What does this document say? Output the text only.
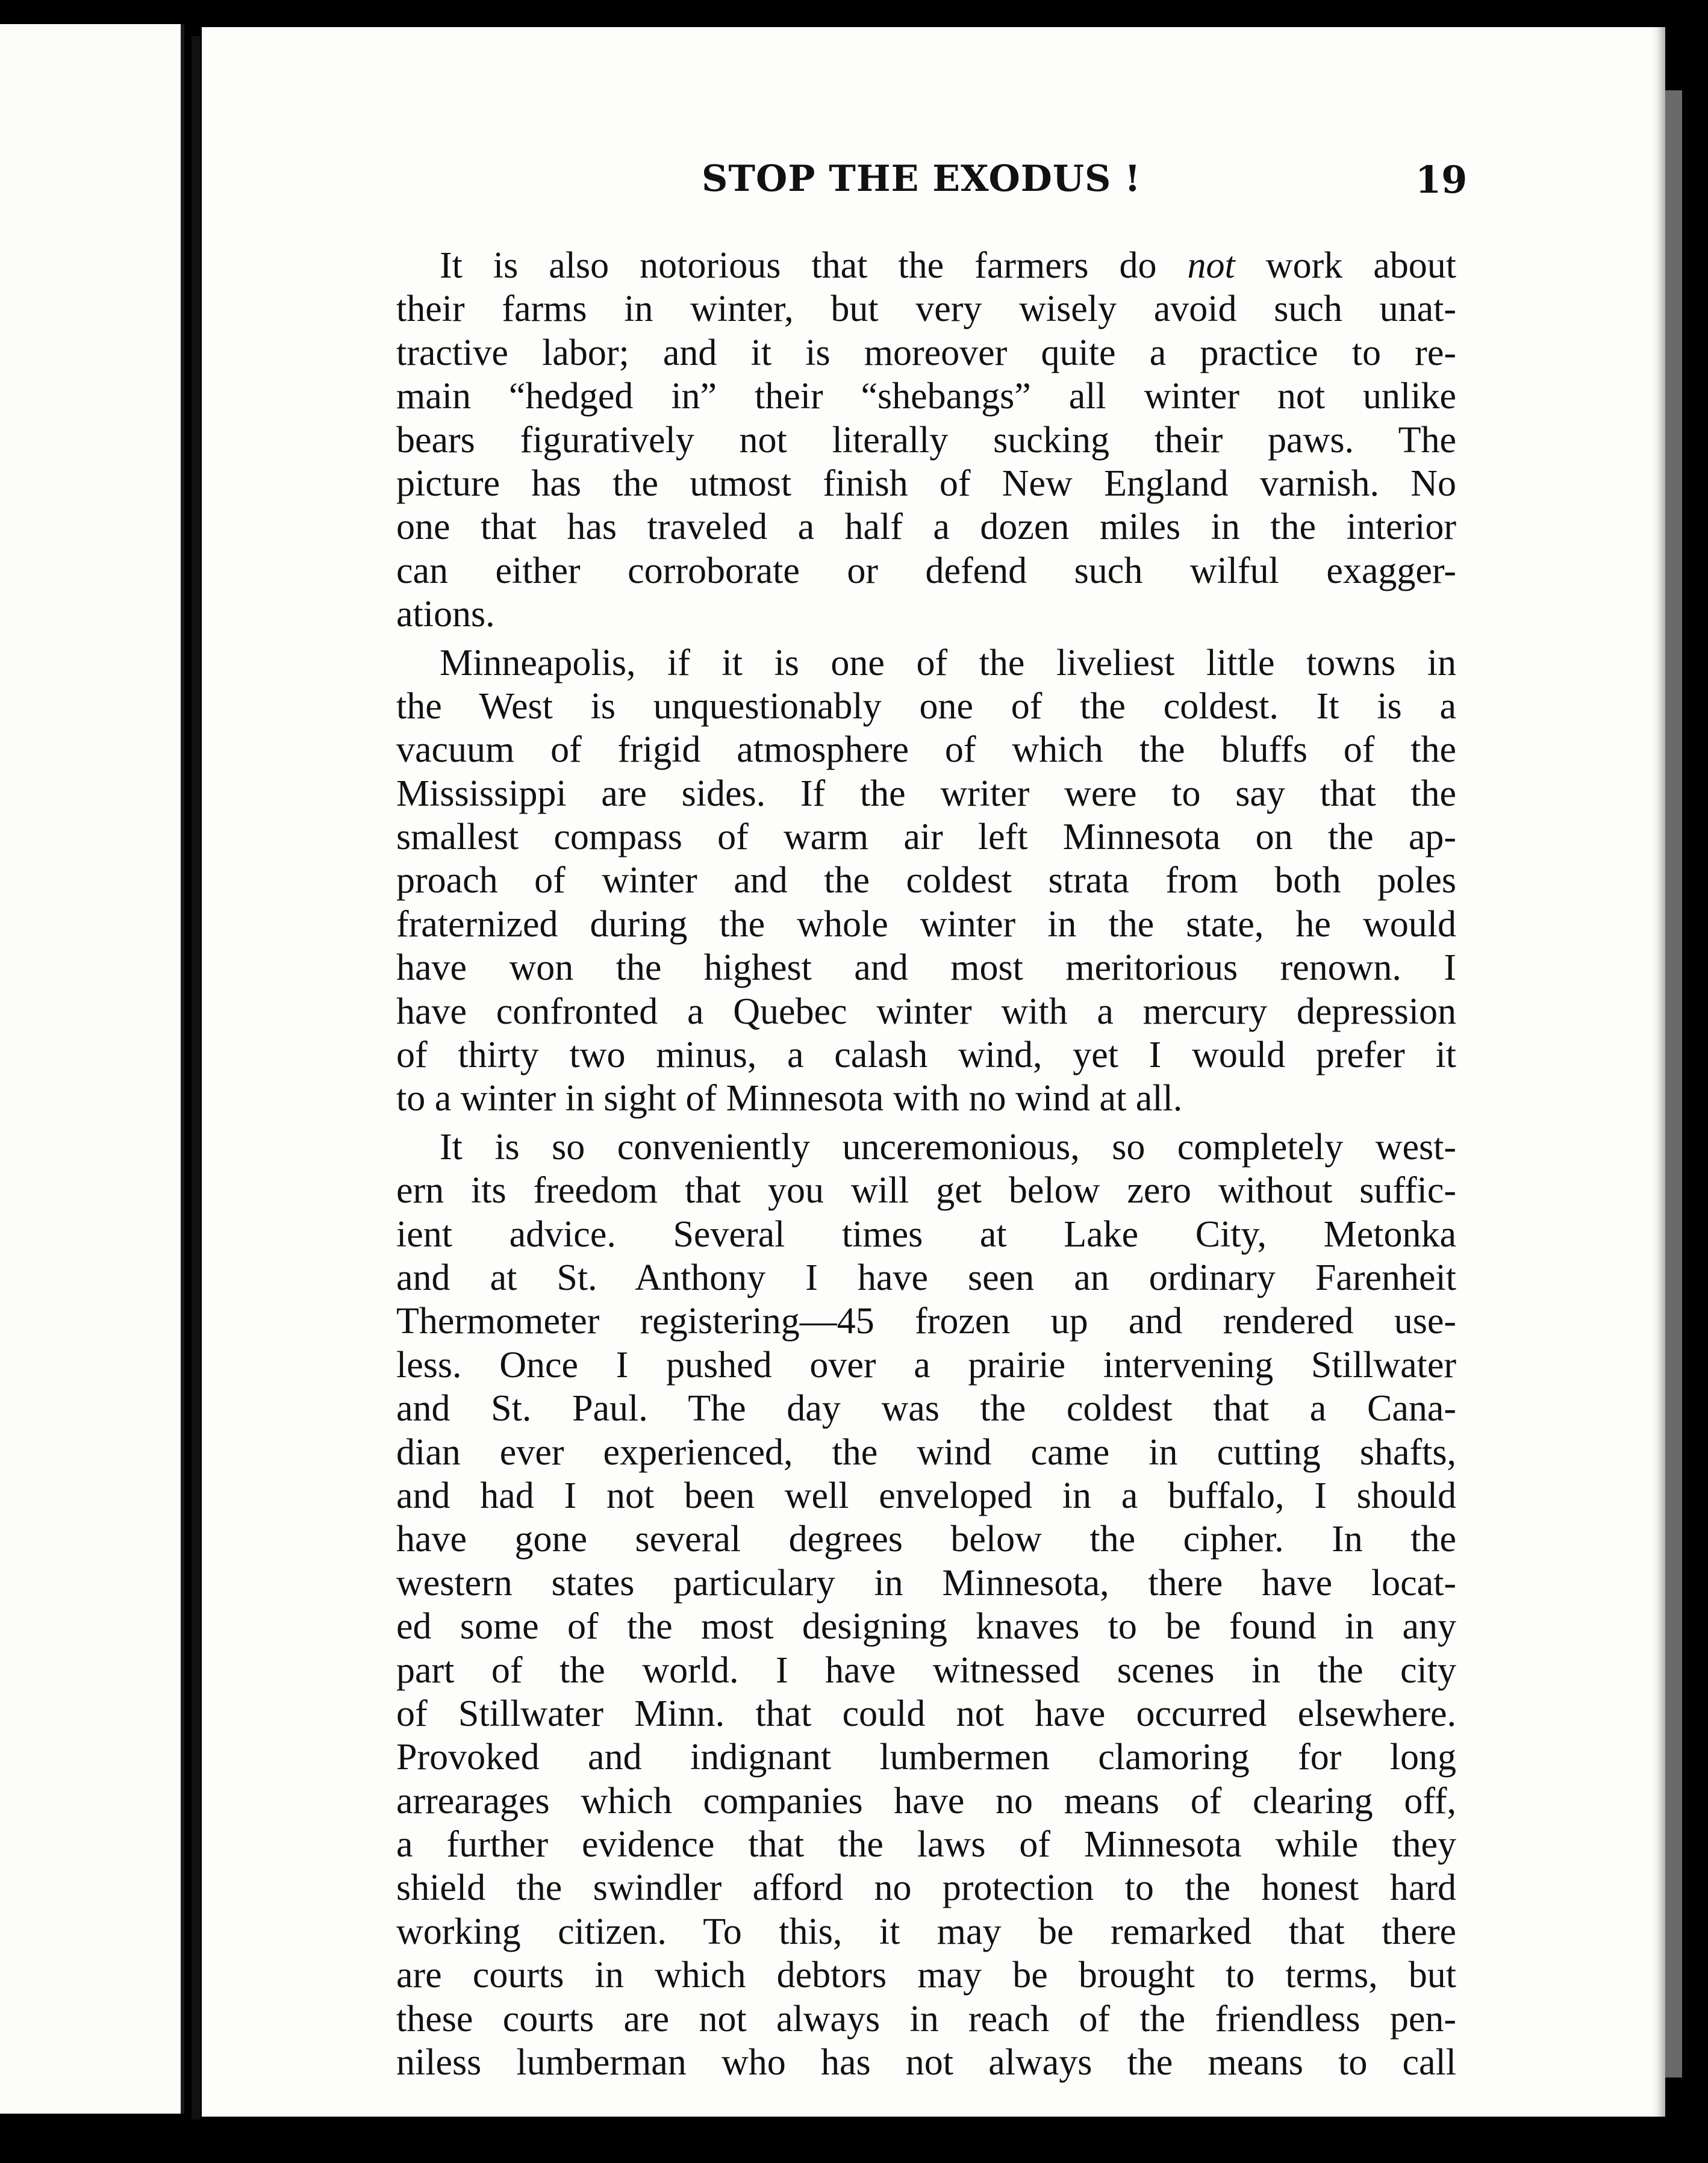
STOP THE EXODUS !	19
It is also notorious that the farmers do not work about
their farms in winter, but very wisely avoid such unat-
tractive labor; and it is moreover quite a practice to re-
main “hedged in” their “shebangs” all winter not unlike
bears figuratively not literally sucking their paws. The
picture has the utmost finish of New England varnish. No
one that has traveled a half a dozen miles in the interior
can either corroborate or defend such wilful exagger-
ations.
Minneapolis, if it is one of the liveliest little towns in
the West is unquestionably one of the coldest. It is a
vacuum of frigid atmosphere of which the bluffs of the
Mississippi are sides. If the writer were to say that the
smallest compass of warm air left Minnesota on the ap-
proach of winter and the coldest strata from both poles
fraternized during the whole winter in the state, he would
have won the highest and most meritorious renown. I
have confronted a Quebec winter with a mercury depression
of thirty two minus, a calash wind, yet I would prefer it
to a winter in sight of Minnesota with no wind at all.
It is so conveniently unceremonious, so completely west-
ern its freedom that you will get below zero without suffic-
ient advice. Several times at Lake City, Metonka
and at St. Anthony I have seen an ordinary Farenheit
Thermometer registering—45 frozen up and rendered use-
less. Once I pushed over a prairie intervening Stillwater
and St. Paul. The day was the coldest that a Cana-
dian ever experienced, the wind came in cutting shafts,
and had I not been well enveloped in a buffalo, I should
have gone several degrees below the cipher. In the
western states particulary in Minnesota, there have locat-
ed some of the most designing knaves to be found in any
part of the world. I have witnessed scenes in the city
of Stillwater Minn. that could not have occurred elsewhere.
Provoked and indignant lumbermen clamoring for long
arrearages which companies have no means of clearing off,
a further evidence that the laws of Minnesota while they
shield the swindler afford no protection to the honest hard
working citizen. To this, it may be remarked that there
are courts in which debtors may be brought to terms, but
these courts are not always in reach of the friendless pen-
niless lumberman who has not always the means to call
